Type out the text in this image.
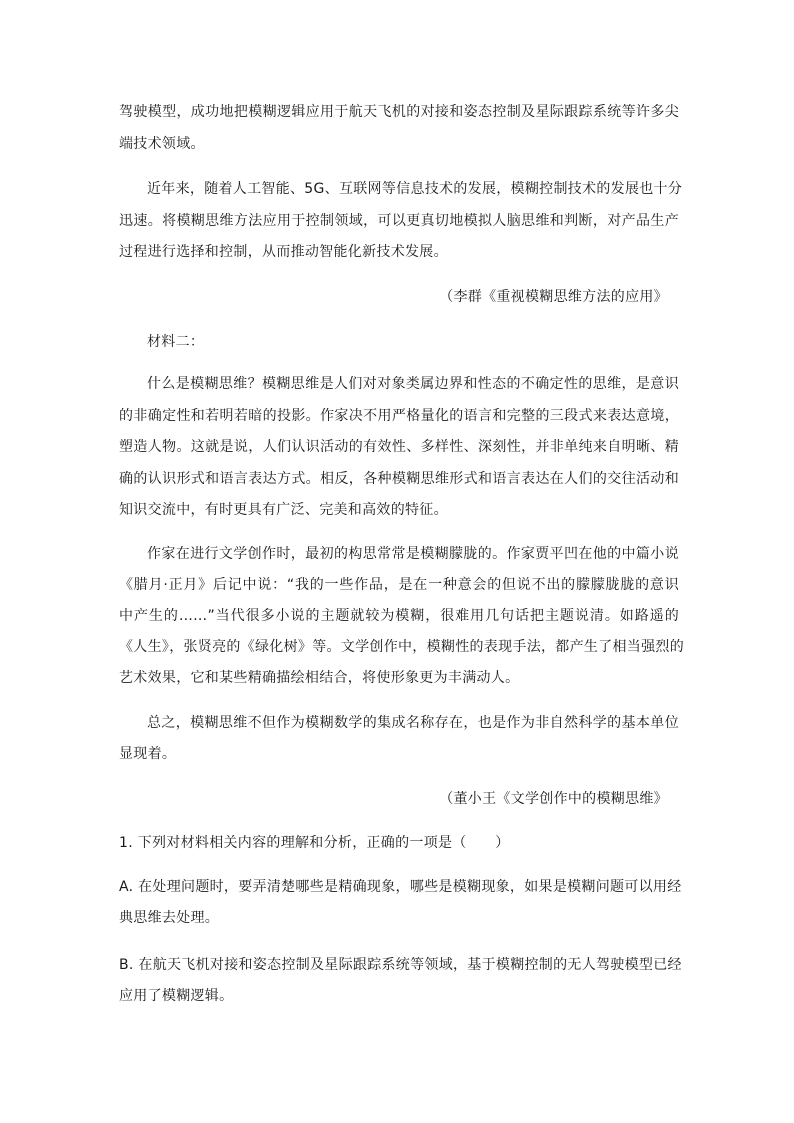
驾驶模型，成功地把模糊逻辑应用于航天飞机的对接和姿态控制及星际跟踪系统等许多尖
端技术领域。
近年来，随着人工智能、5G、互联网等信息技术的发展，模糊控制技术的发展也十分
迅速。将模糊思维方法应用于控制领域，可以更真切地模拟人脑思维和判断，对产品生产
过程进行选择和控制，从而推动智能化新技术发展。
（李群《重视模糊思维方法的应用》
材料二：
什么是模糊思维？模糊思维是人们对对象类属边界和性态的不确定性的思维，是意识
的非确定性和若明若暗的投影。作家决不用严格量化的语言和完整的三段式来表达意境，
塑造人物。这就是说，人们认识活动的有效性、多样性、深刻性，并非单纯来自明晰、精
确的认识形式和语言表达方式。相反，各种模糊思维形式和语言表达在人们的交往活动和
知识交流中，有时更具有广泛、完美和高效的特征。
作家在进行文学创作时，最初的构思常常是模糊朦胧的。作家贾平凹在他的中篇小说
《腊月·正月》后记中说：“我的一些作品，是在一种意会的但说不出的朦朦胧胧的意识
中产生的……”当代很多小说的主题就较为模糊，很难用几句话把主题说清。如路遥的
《人生》，张贤亮的《绿化树》等。文学创作中，模糊性的表现手法，都产生了相当强烈的
艺术效果，它和某些精确描绘相结合，将使形象更为丰满动人。
总之，模糊思维不但作为模糊数学的集成名称存在，也是作为非自然科学的基本单位
显现着。
（董小王《文学创作中的模糊思维》
1. 下列对材料相关内容的理解和分析，正确的一项是（　　）
A. 在处理问题时，要弄清楚哪些是精确现象，哪些是模糊现象，如果是模糊问题可以用经
典思维去处理。
B. 在航天飞机对接和姿态控制及星际跟踪系统等领域，基于模糊控制的无人驾驶模型已经
应用了模糊逻辑。
